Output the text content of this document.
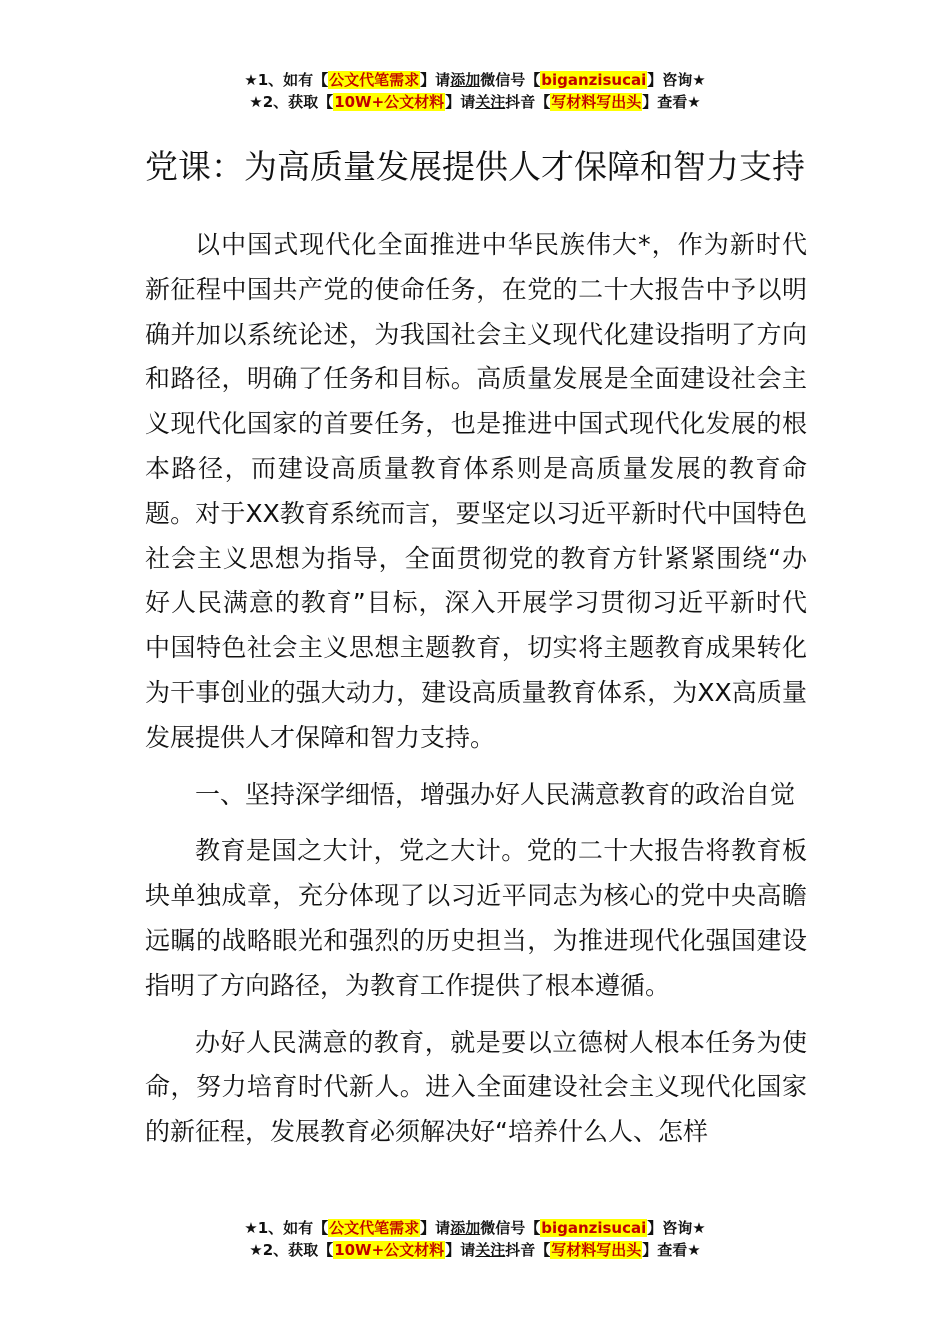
★1、如有【公文代笔需求】请添加微信号【biganzisucai】咨询★
★2、获取【10W+公文材料】请关注抖音【写材料写出头】查看★
党课：为高质量发展提供人才保障和智力支持

以中国式现代化全面推进中华民族伟大*，作为新时代新征程中国共产党的使命任务，在党的二十大报告中予以明确并加以系统论述，为我国社会主义现代化建设指明了方向和路径，明确了任务和目标。高质量发展是全面建设社会主义现代化国家的首要任务，也是推进中国式现代化发展的根本路径，而建设高质量教育体系则是高质量发展的教育命题。对于XX教育系统而言，要坚定以习近平新时代中国特色社会主义思想为指导，全面贯彻党的教育方针紧紧围绕“办好人民满意的教育”目标，深入开展学习贯彻习近平新时代中国特色社会主义思想主题教育，切实将主题教育成果转化为干事创业的强大动力，建设高质量教育体系，为XX高质量发展提供人才保障和智力支持。

一、坚持深学细悟，增强办好人民满意教育的政治自觉

教育是国之大计，党之大计。党的二十大报告将教育板块单独成章，充分体现了以习近平同志为核心的党中央高瞻远瞩的战略眼光和强烈的历史担当，为推进现代化强国建设指明了方向路径，为教育工作提供了根本遵循。

办好人民满意的教育，就是要以立德树人根本任务为使命，努力培育时代新人。进入全面建设社会主义现代化国家的新征程，发展教育必须解决好“培养什么人、怎样

★1、如有【公文代笔需求】请添加微信号【biganzisucai】咨询★
★2、获取【10W+公文材料】请关注抖音【写材料写出头】查看★
